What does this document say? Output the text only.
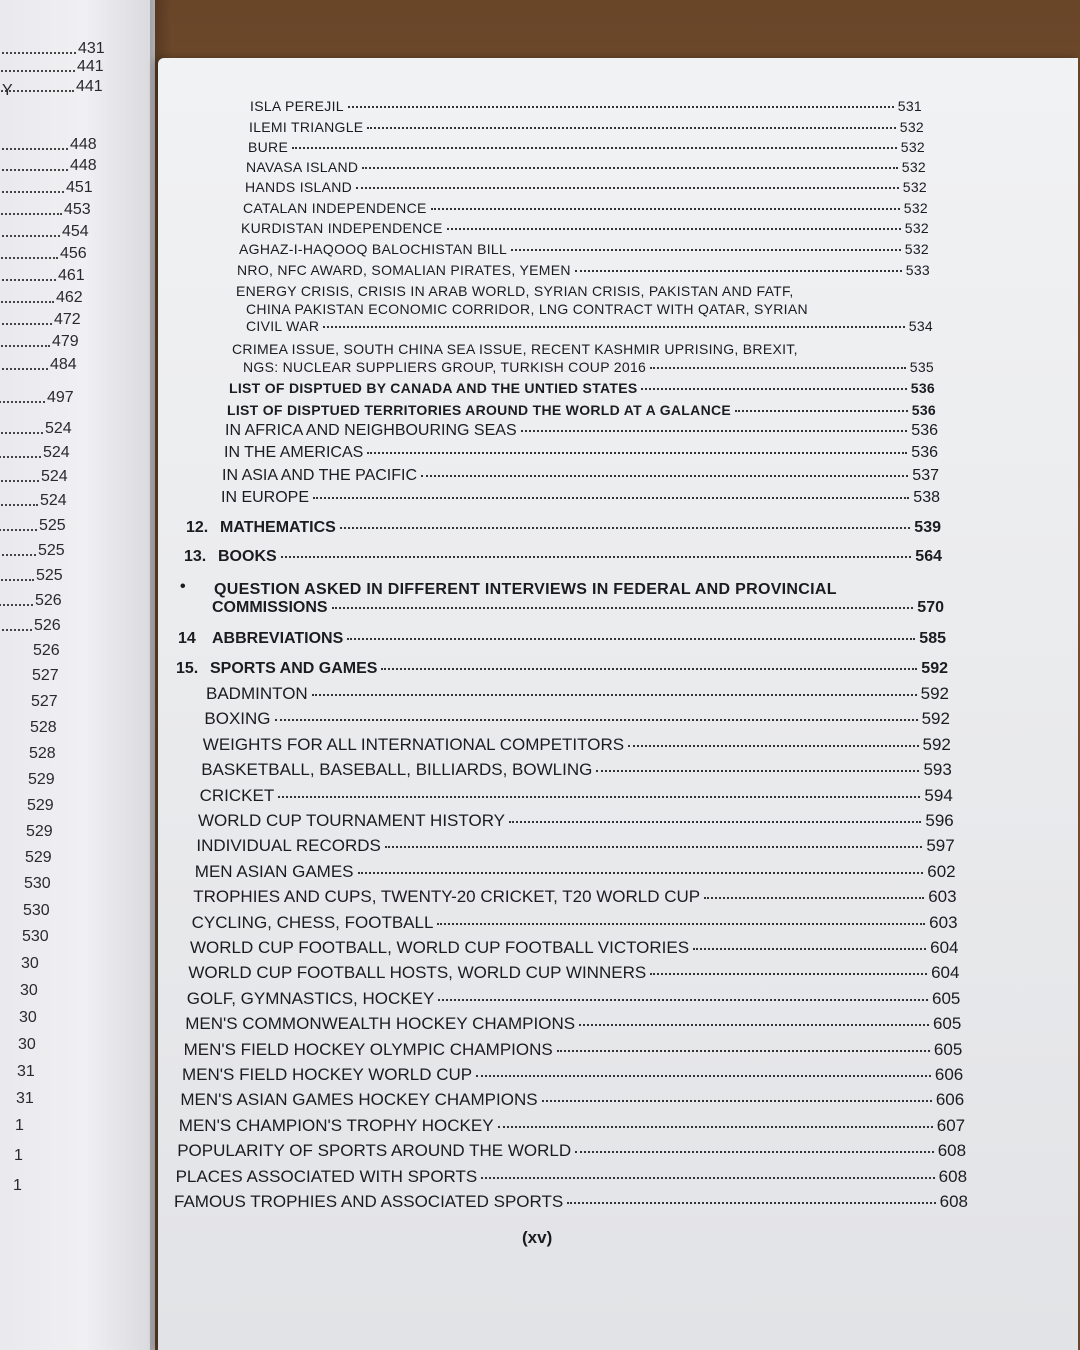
431
441
441
448
448
451
453
454
456
461
462
472
479
484
497
524
524
524
524
525
525
525
526
526
526
527
527
528
528
529
529
529
529
530
530
530
30
30
30
30
31
31
1
1
1
Y
ISLA PEREJIL	531
ILEMI TRIANGLE	532
BURE	532
NAVASA ISLAND	532
HANDS ISLAND	532
CATALAN INDEPENDENCE	532
KURDISTAN INDEPENDENCE	532
AGHAZ-I-HAQOOQ BALOCHISTAN BILL	532
NRO, NFC AWARD, SOMALIAN PIRATES, YEMEN	533
ENERGY CRISIS, CRISIS IN ARAB WORLD, SYRIAN CRISIS, PAKISTAN AND FATF,
CHINA PAKISTAN ECONOMIC CORRIDOR, LNG CONTRACT WITH QATAR, SYRIAN
CIVIL WAR	534
CRIMEA ISSUE, SOUTH CHINA SEA ISSUE, RECENT KASHMIR UPRISING, BREXIT,
NGS: NUCLEAR SUPPLIERS GROUP, TURKISH COUP 2016	535
LIST OF DISPTUED BY CANADA AND THE UNTIED STATES	536
LIST OF DISPTUED TERRITORIES AROUND THE WORLD AT A GALANCE	536
IN AFRICA AND NEIGHBOURING SEAS	536
IN THE AMERICAS	536
IN ASIA AND THE PACIFIC	537
IN EUROPE	538
12. MATHEMATICS	539
13. BOOKS	564
• QUESTION ASKED IN DIFFERENT INTERVIEWS IN FEDERAL AND PROVINCIAL
COMMISSIONS	570
14 ABBREVIATIONS	585
15. SPORTS AND GAMES	592
BADMINTON	592
BOXING	592
WEIGHTS FOR ALL INTERNATIONAL COMPETITORS	592
BASKETBALL, BASEBALL, BILLIARDS, BOWLING	593
CRICKET	594
WORLD CUP TOURNAMENT HISTORY	596
INDIVIDUAL RECORDS	597
MEN ASIAN GAMES	602
TROPHIES AND CUPS, TWENTY-20 CRICKET, T20 WORLD CUP	603
CYCLING, CHESS, FOOTBALL	603
WORLD CUP FOOTBALL, WORLD CUP FOOTBALL VICTORIES	604
WORLD CUP FOOTBALL HOSTS, WORLD CUP WINNERS	604
GOLF, GYMNASTICS, HOCKEY	605
MEN'S COMMONWEALTH HOCKEY CHAMPIONS	605
MEN'S FIELD HOCKEY OLYMPIC CHAMPIONS	605
MEN'S FIELD HOCKEY WORLD CUP	606
MEN'S ASIAN GAMES HOCKEY CHAMPIONS	606
MEN'S CHAMPION'S TROPHY HOCKEY	607
POPULARITY OF SPORTS AROUND THE WORLD	608
PLACES ASSOCIATED WITH SPORTS	608
FAMOUS TROPHIES AND ASSOCIATED SPORTS	608
(xv)
